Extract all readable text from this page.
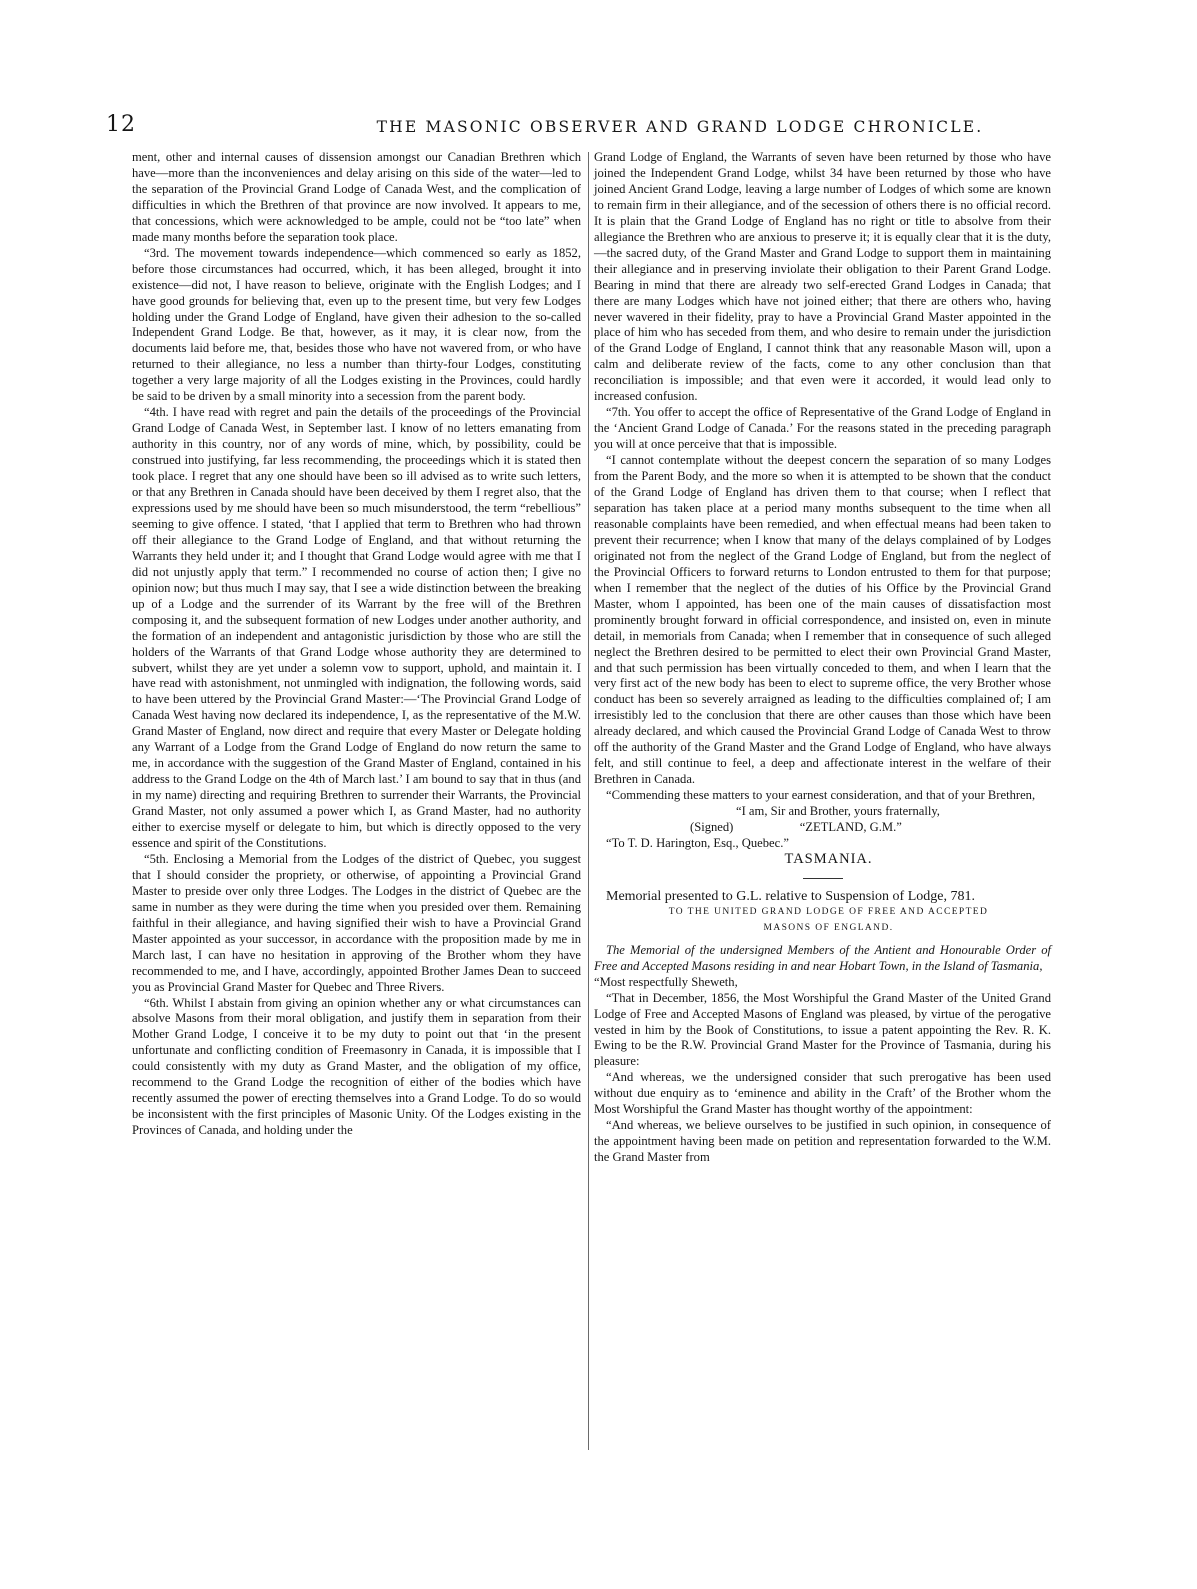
12	THE MASONIC OBSERVER AND GRAND LODGE CHRONICLE.

ment, other and internal causes of dissension amongst our Canadian Brethren which have—more than the inconveniences and delay arising on this side of the water—led to the separation of the Provincial Grand Lodge of Canada West, and the complication of difficulties in which the Brethren of that province are now involved. It appears to me, that concessions, which were acknowledged to be ample, could not be “too late” when made many months before the separation took place.

“3rd. The movement towards independence—which commenced so early as 1852, before those circumstances had occurred, which, it has been alleged, brought it into existence—did not, I have reason to believe, originate with the English Lodges; and I have good grounds for believing that, even up to the present time, but very few Lodges holding under the Grand Lodge of England, have given their adhesion to the so-called Independent Grand Lodge. Be that, however, as it may, it is clear now, from the documents laid before me, that, besides those who have not wavered from, or who have returned to their allegiance, no less a number than thirty-four Lodges, constituting together a very large majority of all the Lodges existing in the Provinces, could hardly be said to be driven by a small minority into a secession from the parent body.

“4th. I have read with regret and pain the details of the proceedings of the Provincial Grand Lodge of Canada West, in September last. I know of no letters emanating from authority in this country, nor of any words of mine, which, by possibility, could be construed into justifying, far less recommending, the proceedings which it is stated then took place. I regret that any one should have been so ill advised as to write such letters, or that any Brethren in Canada should have been deceived by them I regret also, that the expressions used by me should have been so much misunderstood, the term “rebellious” seeming to give offence. I stated, ‘that I applied that term to Brethren who had thrown off their allegiance to the Grand Lodge of England, and that without returning the Warrants they held under it; and I thought that Grand Lodge would agree with me that I did not unjustly apply that term.” I recommended no course of action then; I give no opinion now; but thus much I may say, that I see a wide distinction between the breaking up of a Lodge and the surrender of its Warrant by the free will of the Brethren composing it, and the subsequent formation of new Lodges under another authority, and the formation of an independent and antagonistic jurisdiction by those who are still the holders of the Warrants of that Grand Lodge whose authority they are determined to subvert, whilst they are yet under a solemn vow to support, uphold, and maintain it. I have read with astonishment, not unmingled with indignation, the following words, said to have been uttered by the Provincial Grand Master:—‘The Provincial Grand Lodge of Canada West having now declared its independence, I, as the representative of the M.W. Grand Master of England, now direct and require that every Master or Delegate holding any Warrant of a Lodge from the Grand Lodge of England do now return the same to me, in accordance with the suggestion of the Grand Master of England, contained in his address to the Grand Lodge on the 4th of March last.’ I am bound to say that in thus (and in my name) directing and requiring Brethren to surrender their Warrants, the Provincial Grand Master, not only assumed a power which I, as Grand Master, had no authority either to exercise myself or delegate to him, but which is directly opposed to the very essence and spirit of the Constitutions.

“5th. Enclosing a Memorial from the Lodges of the district of Quebec, you suggest that I should consider the propriety, or otherwise, of appointing a Provincial Grand Master to preside over only three Lodges. The Lodges in the district of Quebec are the same in number as they were during the time when you presided over them. Remaining faithful in their allegiance, and having signified their wish to have a Provincial Grand Master appointed as your successor, in accordance with the proposition made by me in March last, I can have no hesitation in approving of the Brother whom they have recommended to me, and I have, accordingly, appointed Brother James Dean to succeed you as Provincial Grand Master for Quebec and Three Rivers.

“6th. Whilst I abstain from giving an opinion whether any or what circumstances can absolve Masons from their moral obligation, and justify them in separation from their Mother Grand Lodge, I conceive it to be my duty to point out that ‘in the present unfortunate and conflicting condition of Freemasonry in Canada, it is impossible that I could consistently with my duty as Grand Master, and the obligation of my office, recommend to the Grand Lodge the recognition of either of the bodies which have recently assumed the power of erecting themselves into a Grand Lodge. To do so would be inconsistent with the first principles of Masonic Unity. Of the Lodges existing in the Provinces of Canada, and holding under the

Grand Lodge of England, the Warrants of seven have been returned by those who have joined the Independent Grand Lodge, whilst 34 have been returned by those who have joined Ancient Grand Lodge, leaving a large number of Lodges of which some are known to remain firm in their allegiance, and of the secession of others there is no official record. It is plain that the Grand Lodge of England has no right or title to absolve from their allegiance the Brethren who are anxious to preserve it; it is equally clear that it is the duty,—the sacred duty, of the Grand Master and Grand Lodge to support them in maintaining their allegiance and in preserving inviolate their obligation to their Parent Grand Lodge. Bearing in mind that there are already two self-erected Grand Lodges in Canada; that there are many Lodges which have not joined either; that there are others who, having never wavered in their fidelity, pray to have a Provincial Grand Master appointed in the place of him who has seceded from them, and who desire to remain under the jurisdiction of the Grand Lodge of England, I cannot think that any reasonable Mason will, upon a calm and deliberate review of the facts, come to any other conclusion than that reconciliation is impossible; and that even were it accorded, it would lead only to increased confusion.

“7th. You offer to accept the office of Representative of the Grand Lodge of England in the ‘Ancient Grand Lodge of Canada.’ For the reasons stated in the preceding paragraph you will at once perceive that that is impossible.

“I cannot contemplate without the deepest concern the separation of so many Lodges from the Parent Body, and the more so when it is attempted to be shown that the conduct of the Grand Lodge of England has driven them to that course; when I reflect that separation has taken place at a period many months subsequent to the time when all reasonable complaints have been remedied, and when effectual means had been taken to prevent their recurrence; when I know that many of the delays complained of by Lodges originated not from the neglect of the Grand Lodge of England, but from the neglect of the Provincial Officers to forward returns to London entrusted to them for that purpose; when I remember that the neglect of the duties of his Office by the Provincial Grand Master, whom I appointed, has been one of the main causes of dissatisfaction most prominently brought forward in official correspondence, and insisted on, even in minute detail, in memorials from Canada; when I remember that in consequence of such alleged neglect the Brethren desired to be permitted to elect their own Provincial Grand Master, and that such permission has been virtually conceded to them, and when I learn that the very first act of the new body has been to elect to supreme office, the very Brother whose conduct has been so severely arraigned as leading to the difficulties complained of; I am irresistibly led to the conclusion that there are other causes than those which have been already declared, and which caused the Provincial Grand Lodge of Canada West to throw off the authority of the Grand Master and the Grand Lodge of England, who have always felt, and still continue to feel, a deep and affectionate interest in the welfare of their Brethren in Canada.

“Commending these matters to your earnest consideration, and that of your Brethren,

“I am, Sir and Brother, yours fraternally,

(Signed)	“ZETLAND, G.M.”

“To T. D. Harington, Esq., Quebec.”

TASMANIA.

Memorial presented to G.L. relative to Suspension of Lodge, 781.

TO THE UNITED GRAND LODGE OF FREE AND ACCEPTED

MASONS OF ENGLAND.

The Memorial of the undersigned Members of the Antient and Honourable Order of Free and Accepted Masons residing in and near Hobart Town, in the Island of Tasmania,

“Most respectfully Sheweth,

“That in December, 1856, the Most Worshipful the Grand Master of the United Grand Lodge of Free and Accepted Masons of England was pleased, by virtue of the perogative vested in him by the Book of Constitutions, to issue a patent appointing the Rev. R. K. Ewing to be the R.W. Provincial Grand Master for the Province of Tasmania, during his pleasure:

“And whereas, we the undersigned consider that such prerogative has been used without due enquiry as to ‘eminence and ability in the Craft’ of the Brother whom the Most Worshipful the Grand Master has thought worthy of the appointment:

“And whereas, we believe ourselves to be justified in such opinion, in consequence of the appointment having been made on petition and representation forwarded to the W.M. the Grand Master from
